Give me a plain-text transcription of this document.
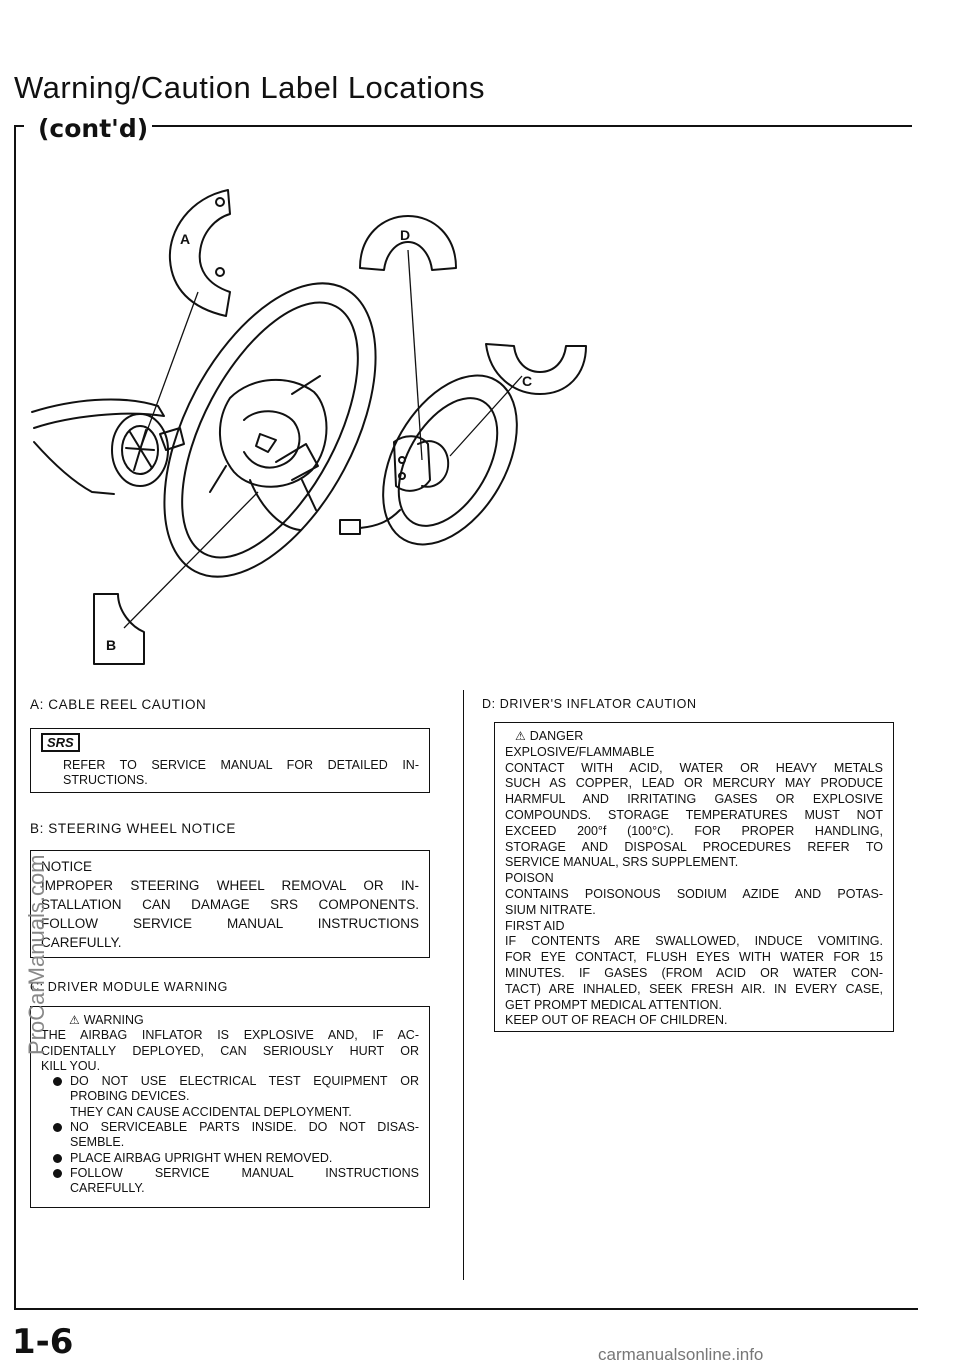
Warning/Caution Label Locations
(cont'd)
A
B
C
D
A: CABLE REEL CAUTION
SRS
REFER TO SERVICE MANUAL FOR DETAILED IN-
STRUCTIONS.
B: STEERING WHEEL NOTICE
NOTICE
IMPROPER STEERING WHEEL REMOVAL OR IN-
STALLATION CAN DAMAGE SRS COMPONENTS.
FOLLOW SERVICE MANUAL INSTRUCTIONS
CAREFULLY.
C: DRIVER MODULE WARNING
⚠ WARNING
THE AIRBAG INFLATOR IS EXPLOSIVE AND, IF AC-
CIDENTALLY DEPLOYED, CAN SERIOUSLY HURT OR
KILL YOU.
DO NOT USE ELECTRICAL TEST EQUIPMENT OR
PROBING DEVICES.
THEY CAN CAUSE ACCIDENTAL DEPLOYMENT.
NO SERVICEABLE PARTS INSIDE. DO NOT DISAS-
SEMBLE.
PLACE AIRBAG UPRIGHT WHEN REMOVED.
FOLLOW SERVICE MANUAL INSTRUCTIONS
CAREFULLY.
D: DRIVER'S INFLATOR CAUTION
⚠ DANGER
EXPLOSIVE/FLAMMABLE
CONTACT WITH ACID, WATER OR HEAVY METALS
SUCH AS COPPER, LEAD OR MERCURY MAY PRODUCE
HARMFUL AND IRRITATING GASES OR EXPLOSIVE
COMPOUNDS. STORAGE TEMPERATURES MUST NOT
EXCEED 200°f (100°C). FOR PROPER HANDLING,
STORAGE AND DISPOSAL PROCEDURES REFER TO
SERVICE MANUAL, SRS SUPPLEMENT.
POISON
CONTAINS POISONOUS SODIUM AZIDE AND POTAS-
SIUM NITRATE.
FIRST AID
IF CONTENTS ARE SWALLOWED, INDUCE VOMITING.
FOR EYE CONTACT, FLUSH EYES WITH WATER FOR 15
MINUTES. IF GASES (FROM ACID OR WATER CON-
TACT) ARE INHALED, SEEK FRESH AIR. IN EVERY CASE,
GET PROMPT MEDICAL ATTENTION.
KEEP OUT OF REACH OF CHILDREN.
1-6	carmanualsonline.info
ProCarManuals.com
